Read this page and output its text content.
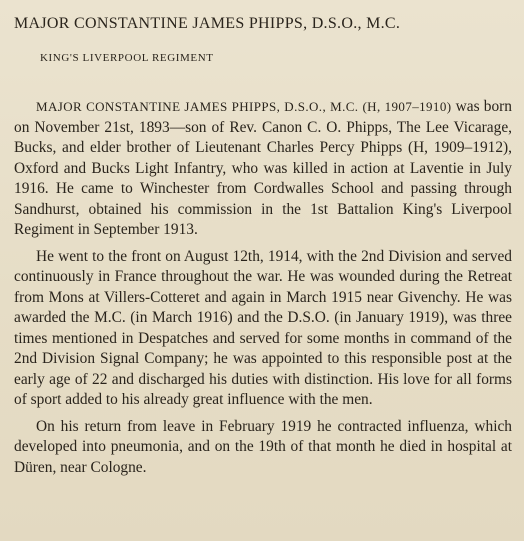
MAJOR CONSTANTINE JAMES PHIPPS, D.S.O., M.C.
KING'S LIVERPOOL REGIMENT

MAJOR CONSTANTINE JAMES PHIPPS, D.S.O., M.C. (H, 1907–1910) was born on November 21st, 1893—son of Rev. Canon C. O. Phipps, The Lee Vicarage, Bucks, and elder brother of Lieutenant Charles Percy Phipps (H, 1909–1912), Oxford and Bucks Light Infantry, who was killed in action at Laventie in July 1916. He came to Winchester from Cordwalles School and passing through Sandhurst, obtained his commission in the 1st Battalion King's Liverpool Regiment in September 1913.

He went to the front on August 12th, 1914, with the 2nd Division and served continuously in France throughout the war. He was wounded during the Retreat from Mons at Villers-Cotteret and again in March 1915 near Givenchy. He was awarded the M.C. (in March 1916) and the D.S.O. (in January 1919), was three times mentioned in Despatches and served for some months in command of the 2nd Division Signal Company; he was appointed to this responsible post at the early age of 22 and discharged his duties with distinction. His love for all forms of sport added to his already great influence with the men.

On his return from leave in February 1919 he contracted influenza, which developed into pneumonia, and on the 19th of that month he died in hospital at Düren, near Cologne.
